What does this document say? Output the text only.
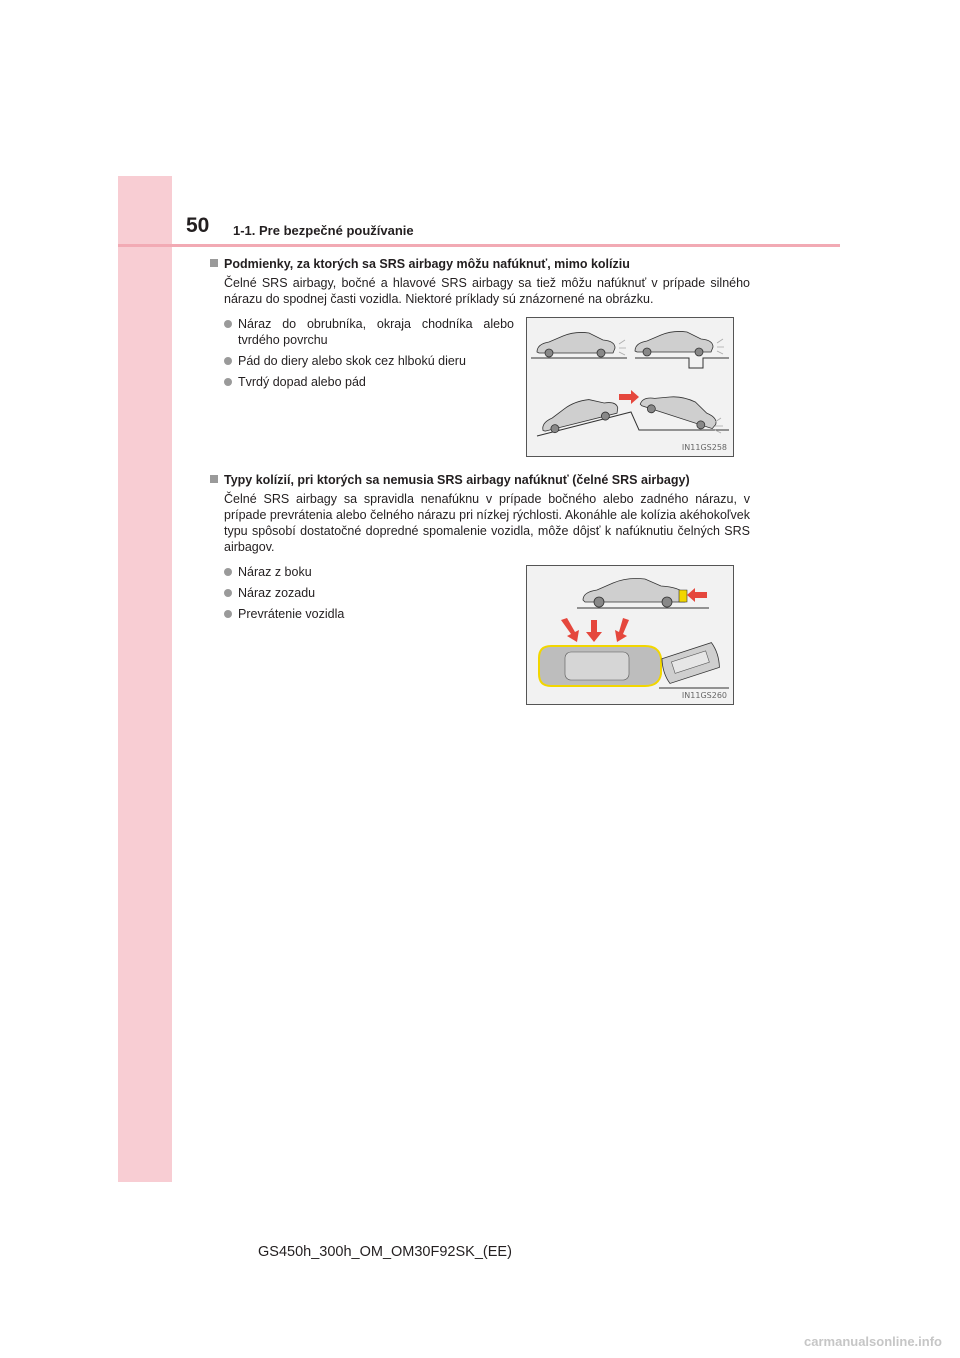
50 1-1. Pre bezpečné používanie
Podmienky, za ktorých sa SRS airbagy môžu nafúknuť, mimo kolíziu
Čelné SRS airbagy, bočné a hlavové SRS airbagy sa tiež môžu nafúknuť v prípade silného nárazu do spodnej časti vozidla. Niektoré príklady sú znázornené na obrázku.
Náraz do obrubníka, okraja chodníka alebo tvrdého povrchu
Pád do diery alebo skok cez hlbokú dieru
Tvrdý dopad alebo pád
IN11GS258
Typy kolízií, pri ktorých sa nemusia SRS airbagy nafúknuť (čelné SRS airbagy)
Čelné SRS airbagy sa spravidla nenafúknu v prípade bočného alebo zadného nárazu, v prípade prevrátenia alebo čelného nárazu pri nízkej rýchlosti. Akonáhle ale kolízia akéhokoľvek typu spôsobí dostatočné dopredné spomalenie vozidla, môže dôjsť k nafúknutiu čelných SRS airbagov.
Náraz z boku
Náraz zozadu
Prevrátenie vozidla
IN11GS260
GS450h_300h_OM_OM30F92SK_(EE)
carmanualsonline.info
